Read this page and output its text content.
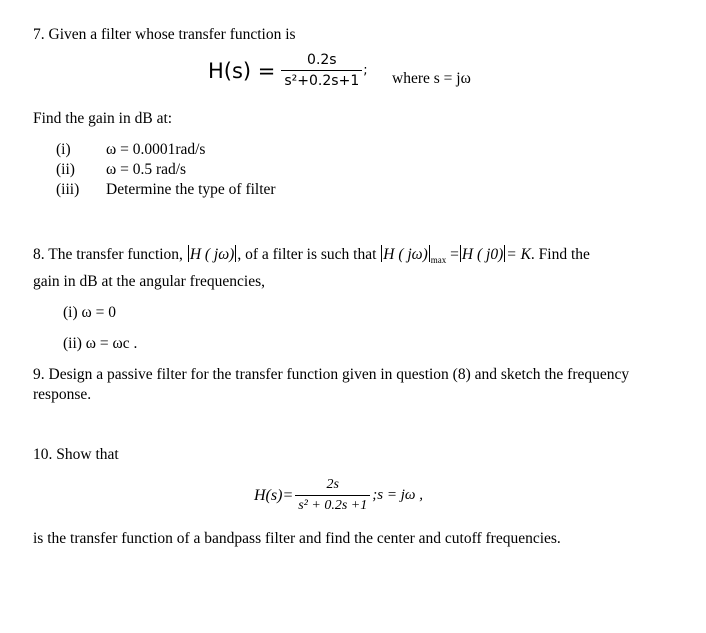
7. Given a filter whose transfer function is
$H(s) = \frac{0.2s}{\text{s²+0.2s+1}}$ ; where s = jω
Find the gain in dB at:
(i) ω = 0.0001rad/s
(ii) ω = 0.5 rad/s
(iii) Determine the type of filter
8. The transfer function, H ( jω) , of a filter is such that H ( jω) $_{max}$ = H ( j0) = K. Find the
gain in dB at the angular frequencies,
(i) ω = 0
(ii) ω = ωc .
9. Design a passive filter for the transfer function given in question (8) and sketch the frequency
response.
10. Show that
$H(s)= \frac{2s}{\text{s² + 0.2s +1}}$ ;s = jω ,
is the transfer function of a bandpass filter and find the center and cutoff frequencies.
